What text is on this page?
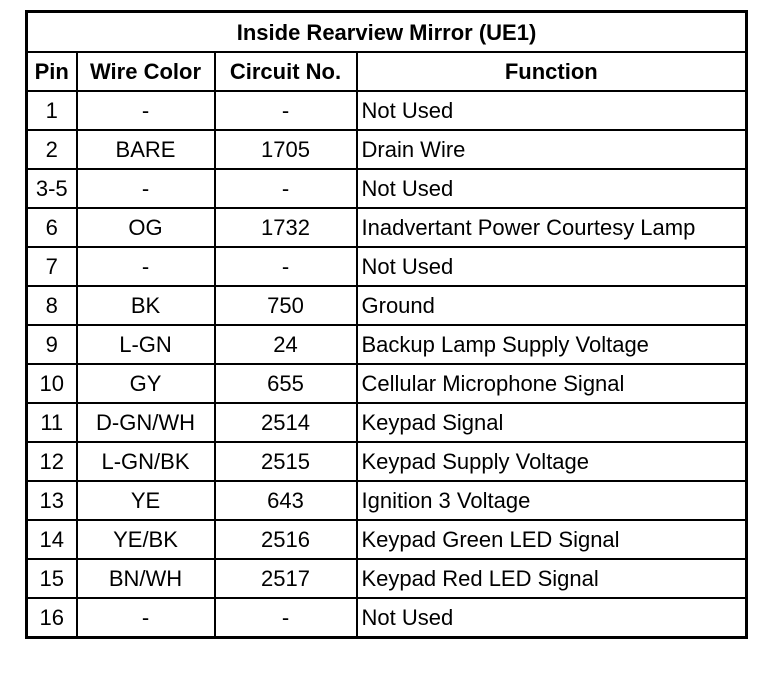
Inside Rearview Mirror (UE1)			
Pin	Wire Color	Circuit No.	Function
1	-	-	Not Used
2	BARE	1705	Drain Wire
3-5	-	-	Not Used
6	OG	1732	Inadvertant Power Courtesy Lamp
7	-	-	Not Used
8	BK	750	Ground
9	L-GN	24	Backup Lamp Supply Voltage
10	GY	655	Cellular Microphone Signal
11	D-GN/WH	2514	Keypad Signal
12	L-GN/BK	2515	Keypad Supply Voltage
13	YE	643	Ignition 3 Voltage
14	YE/BK	2516	Keypad Green LED Signal
15	BN/WH	2517	Keypad Red LED Signal
16	-	-	Not Used
